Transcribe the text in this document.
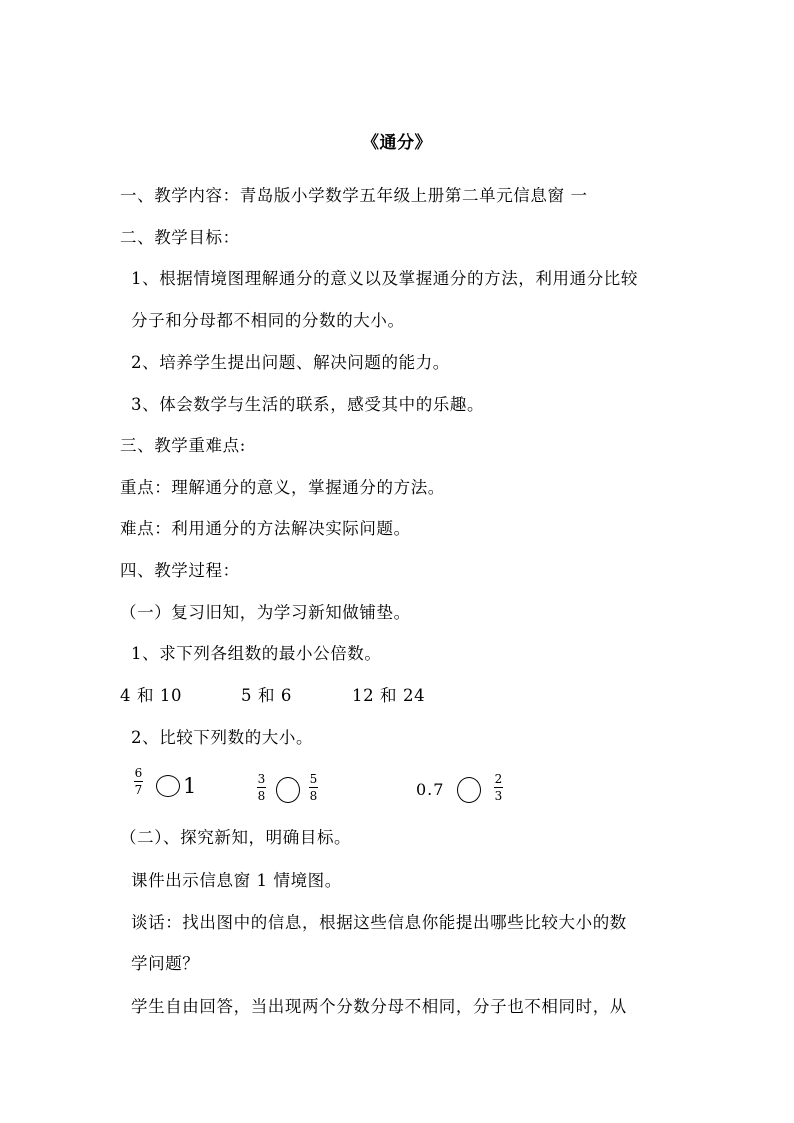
《通分》
一、教学内容：青岛版小学数学五年级上册第二单元信息窗 一
二、教学目标：
1、根据情境图理解通分的意义以及掌握通分的方法，利用通分比较
分子和分母都不相同的分数的大小。
2、培养学生提出问题、解决问题的能力。
3、体会数学与生活的联系，感受其中的乐趣。
三、教学重难点:
重点：理解通分的意义，掌握通分的方法。
难点：利用通分的方法解决实际问题。
四、教学过程：
（一）复习旧知，为学习新知做铺垫。
1、求下列各组数的最小公倍数。
4 和 10	5 和 6	12 和 24
2、比较下列数的大小。
6
7 1	3
8
5
8	0.7
2
3
（二）、探究新知，明确目标。
课件出示信息窗 1 情境图。
谈话：找出图中的信息，根据这些信息你能提出哪些比较大小的数
学问题？
学生自由回答，当出现两个分数分母不相同，分子也不相同时，从
